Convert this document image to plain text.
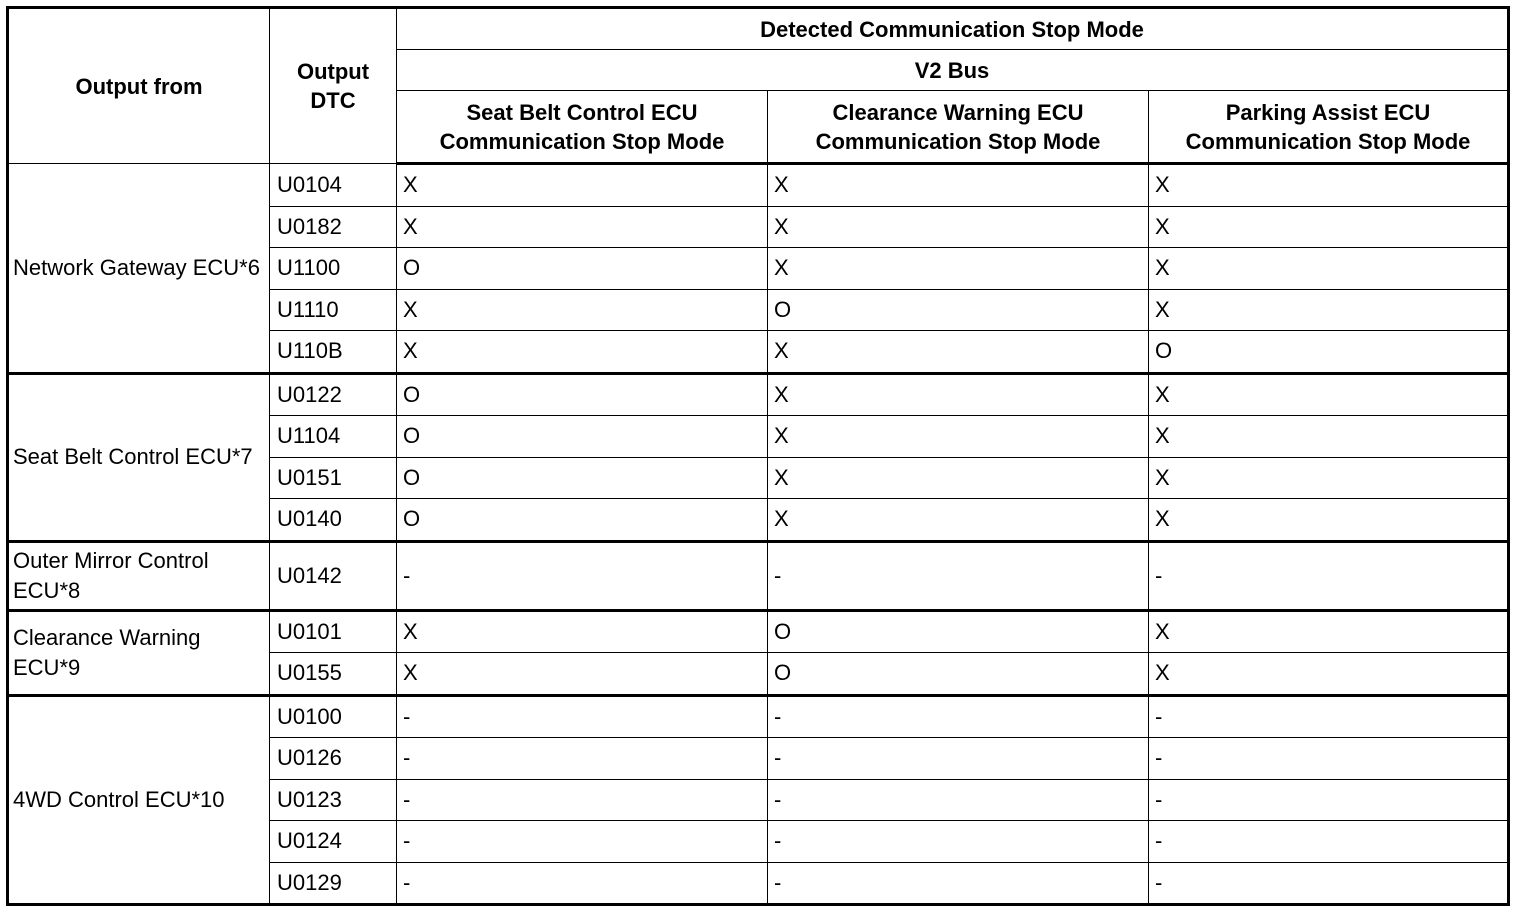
Output from	Output DTC	Detected Communication Stop Mode		
		V2 Bus		
		Seat Belt Control ECU Communication Stop Mode	Clearance Warning ECU Communication Stop Mode	Parking Assist ECU Communication Stop Mode
Network Gateway ECU*6	U0104	X	X	X
	U0182	X	X	X
	U1100	O	X	X
	U1110	X	O	X
	U110B	X	X	O
Seat Belt Control ECU*7	U0122	O	X	X
	U1104	O	X	X
	U0151	O	X	X
	U0140	O	X	X
Outer Mirror Control ECU*8	U0142	-	-	-
Clearance Warning ECU*9	U0101	X	O	X
	U0155	X	O	X
4WD Control ECU*10	U0100	-	-	-
	U0126	-	-	-
	U0123	-	-	-
	U0124	-	-	-
	U0129	-	-	-
